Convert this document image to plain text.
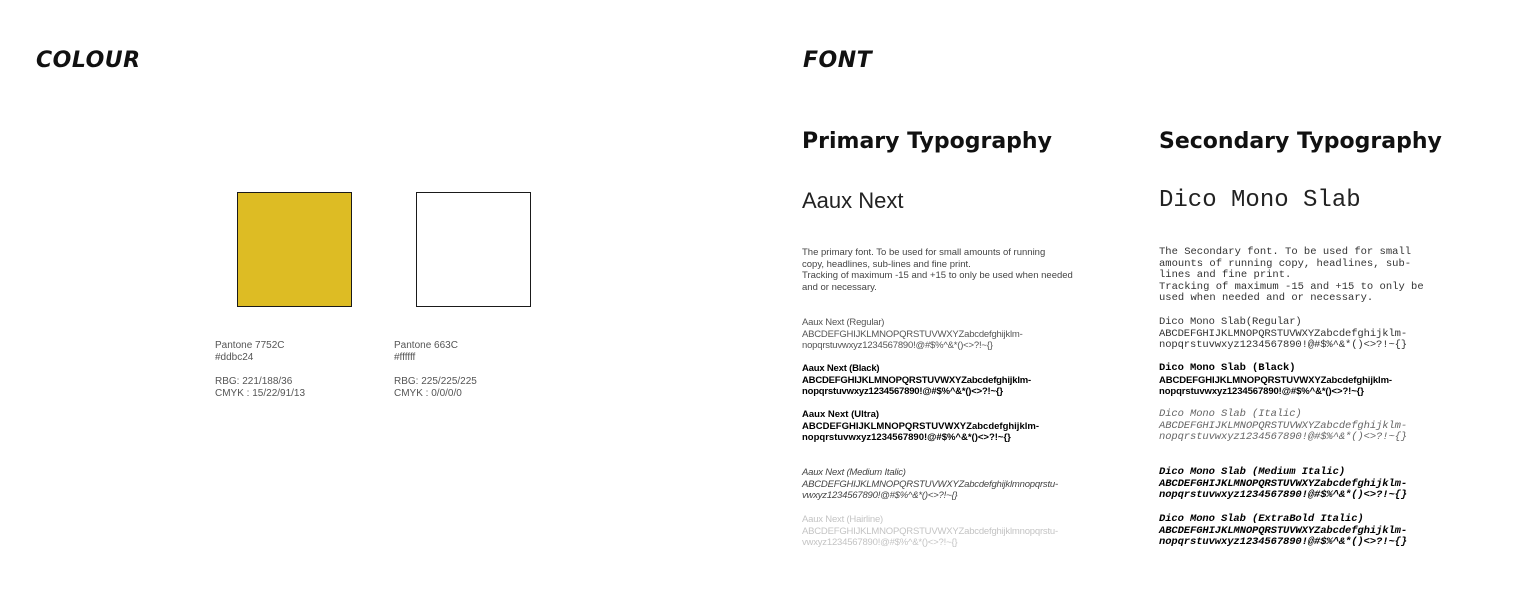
COLOUR
Pantone 7752C
#ddbc24

RBG: 221/188/36
CMYK : 15/22/91/13
Pantone 663C
#ffffff

RBG: 225/225/225
CMYK : 0/0/0/0
FONT
Primary Typography
Aaux Next
The primary font. To be used for small amounts of running
copy, headlines, sub-lines and fine print.
Tracking of maximum -15 and +15 to only be used when needed
and or necessary.
Aaux Next (Regular)
ABCDEFGHIJKLMNOPQRSTUVWXYZabcdefghijklm-
nopqrstuvwxyz1234567890!@#$%^&*()<>?!~{}
Aaux Next (Black)
ABCDEFGHIJKLMNOPQRSTUVWXYZabcdefghijklm-
nopqrstuvwxyz1234567890!@#$%^&*()<>?!~{}
Aaux Next (Ultra)
ABCDEFGHIJKLMNOPQRSTUVWXYZabcdefghijklm-
nopqrstuvwxyz1234567890!@#$%^&*()<>?!~{}
Aaux Next (Medium Italic)
ABCDEFGHIJKLMNOPQRSTUVWXYZabcdefghijklmnopqrstu-
vwxyz1234567890!@#$%^&*()<>?!~{}
Aaux Next (Hairline)
ABCDEFGHIJKLMNOPQRSTUVWXYZabcdefghijklmnopqrstu-
vwxyz1234567890!@#$%^&*()<>?!~{}
Secondary Typography
Dico Mono Slab
The Secondary font. To be used for small
amounts of running copy, headlines, sub-
lines and fine print.
Tracking of maximum -15 and +15 to only be
used when needed and or necessary.
Dico Mono Slab(Regular)
ABCDEFGHIJKLMNOPQRSTUVWXYZabcdefghijklm-
nopqrstuvwxyz1234567890!@#$%^&*()<>?!~{}
Dico Mono Slab (Black)
ABCDEFGHIJKLMNOPQRSTUVWXYZabcdefghijklm-
nopqrstuvwxyz1234567890!@#$%^&*()<>?!~{}
Dico Mono Slab (Italic)
ABCDEFGHIJKLMNOPQRSTUVWXYZabcdefghijklm-
nopqrstuvwxyz1234567890!@#$%^&*()<>?!~{}
Dico Mono Slab (Medium Italic)
ABCDEFGHIJKLMNOPQRSTUVWXYZabcdefghijklm-
nopqrstuvwxyz1234567890!@#$%^&*()<>?!~{}
Dico Mono Slab (ExtraBold Italic)
ABCDEFGHIJKLMNOPQRSTUVWXYZabcdefghijklm-
nopqrstuvwxyz1234567890!@#$%^&*()<>?!~{}
